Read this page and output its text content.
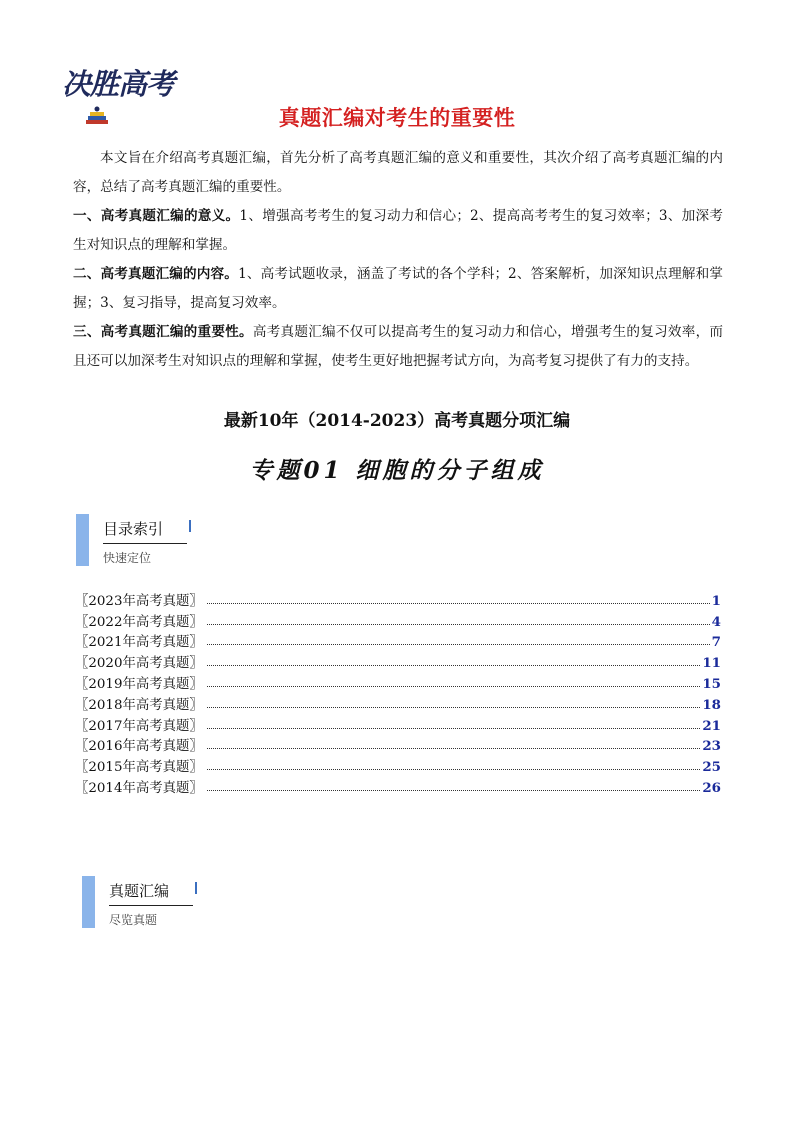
决胜高考
真题汇编对考生的重要性

本文旨在介绍高考真题汇编，首先分析了高考真题汇编的意义和重要性，其次介绍了高考真题汇编的内容，总结了高考真题汇编的重要性。

一、高考真题汇编的意义。1、增强高考考生的复习动力和信心；2、提高高考考生的复习效率；3、加深考生对知识点的理解和掌握。

二、高考真题汇编的内容。1、高考试题收录，涵盖了考试的各个学科；2、答案解析，加深知识点理解和掌握；3、复习指导，提高复习效率。

三、高考真题汇编的重要性。高考真题汇编不仅可以提高考生的复习动力和信心，增强考生的复习效率，而且还可以加深考生对知识点的理解和掌握，使考生更好地把握考试方向，为高考复习提供了有力的支持。

最新10年（2014-2023）高考真题分项汇编
专题01 细胞的分子组成
目录索引
快速定位
〖2023年高考真题〗	1
〖2022年高考真题〗	4
〖2021年高考真题〗	7
〖2020年高考真题〗	11
〖2019年高考真题〗	15
〖2018年高考真题〗	18
〖2017年高考真题〗	21
〖2016年高考真题〗	23
〖2015年高考真题〗	25
〖2014年高考真题〗	26
真题汇编
尽览真题
